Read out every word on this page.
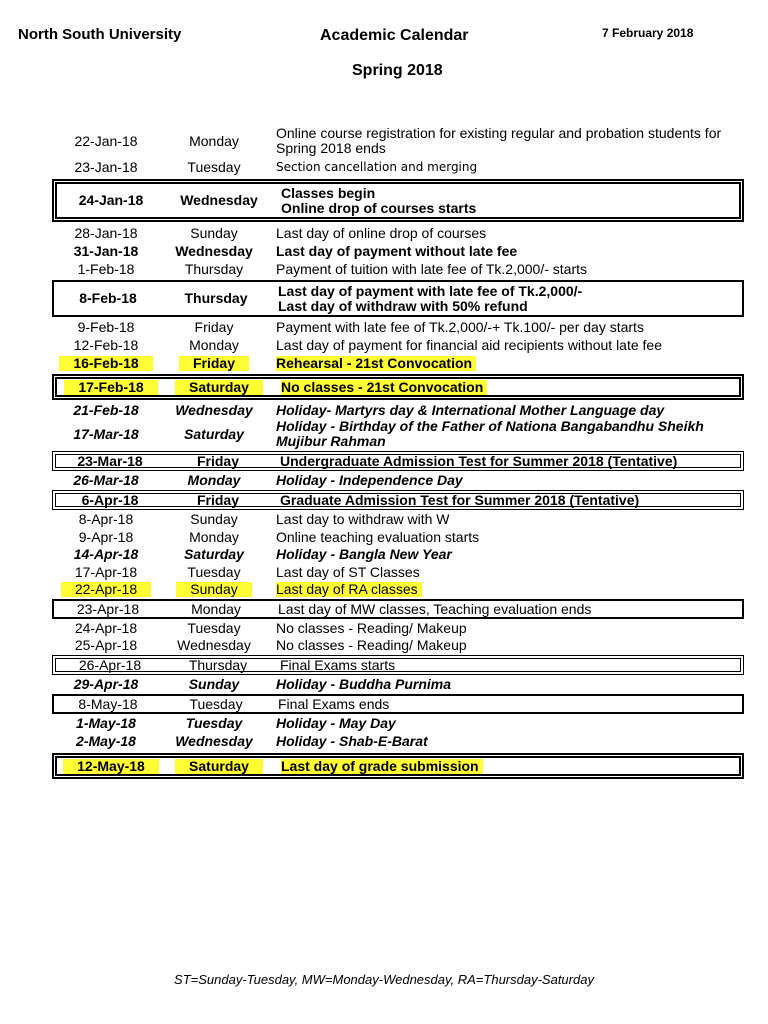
North South University	Academic Calendar	7 February 2018
Spring 2018
22-Jan-18	Monday	Online course registration for existing regular and probation students for Spring 2018 ends
23-Jan-18	Tuesday	Section cancellation and merging
24-Jan-18	Wednesday Classes begin
Online drop of courses starts
28-Jan-18	Sunday	Last day of online drop of courses
31-Jan-18	Wednesday Last day of payment without late fee
1-Feb-18	Thursday Payment of tuition with late fee of Tk.2,000/- starts
8-Feb-18	Thursday Last day of payment with late fee of Tk.2,000/-
Last day of withdraw with 50% refund
9-Feb-18	Friday	Payment with late fee of Tk.2,000/-+ Tk.100/- per day starts
12-Feb-18	Monday	Last day of payment for financial aid recipients without late fee
16-Feb-18	Friday	Rehearsal - 21st Convocation
17-Feb-18	Saturday	No classes - 21st Convocation
21-Feb-18	Wednesday Holiday- Martyrs day & International Mother Language day
17-Mar-18	Saturday Holiday - Birthday of the Father of Nationa Bangabandhu Sheikh Mujibur Rahman
23-Mar-18	Friday	Undergraduate Admission Test for Summer 2018 (Tentative)
26-Mar-18	Monday	Holiday - Independence Day
6-Apr-18	Friday	Graduate Admission Test for Summer 2018 (Tentative)
8-Apr-18	Sunday	Last day to withdraw with W
9-Apr-18	Monday	Online teaching evaluation starts
14-Apr-18	Saturday Holiday - Bangla New Year
17-Apr-18	Tuesday	Last day of ST Classes
22-Apr-18	Sunday	Last day of RA classes
23-Apr-18	Monday	Last day of MW classes, Teaching evaluation ends
24-Apr-18	Tuesday	No classes - Reading/ Makeup
25-Apr-18	Wednesday No classes - Reading/ Makeup
26-Apr-18	Thursday Final Exams starts
29-Apr-18	Sunday	Holiday - Buddha Purnima
8-May-18	Tuesday	Final Exams ends
1-May-18	Tuesday Holiday - May Day
2-May-18	Wednesday Holiday - Shab-E-Barat
12-May-18	Saturday	Last day of grade submission
ST=Sunday-Tuesday, MW=Monday-Wednesday, RA=Thursday-Saturday
